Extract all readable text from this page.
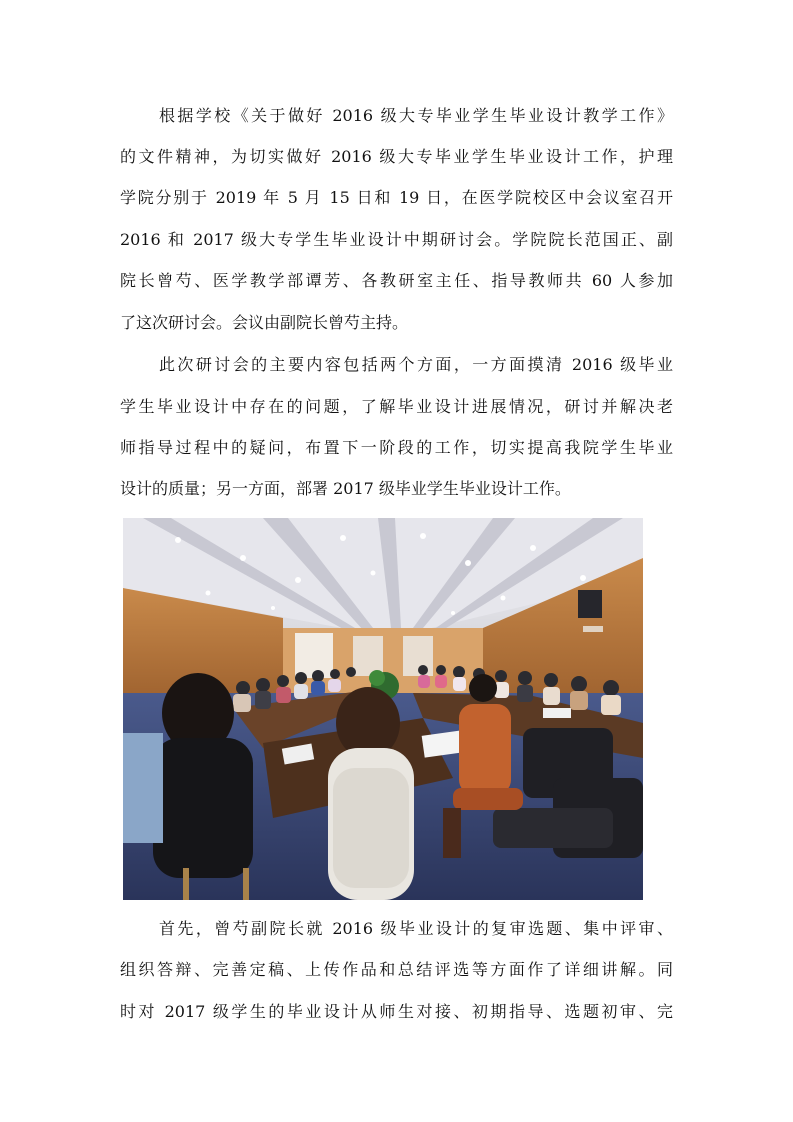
根据学校《关于做好 2016 级大专毕业学生毕业设计教学工作》
的文件精神，为切实做好 2016 级大专毕业学生毕业设计工作，护理
学院分别于 2019 年 5 月 15 日和 19 日，在医学院校区中会议室召开
2016 和 2017 级大专学生毕业设计中期研讨会。学院院长范国正、副
院长曾芍、医学教学部谭芳、各教研室主任、指导教师共 60 人参加
了这次研讨会。会议由副院长曾芍主持。
此次研讨会的主要内容包括两个方面，一方面摸清 2016 级毕业
学生毕业设计中存在的问题，了解毕业设计进展情况，研讨并解决老
师指导过程中的疑问，布置下一阶段的工作，切实提高我院学生毕业
设计的质量；另一方面，部署 2017 级毕业学生毕业设计工作。
首先，曾芍副院长就 2016 级毕业设计的复审选题、集中评审、
组织答辩、完善定稿、上传作品和总结评选等方面作了详细讲解。同
时对 2017 级学生的毕业设计从师生对接、初期指导、选题初审、完
